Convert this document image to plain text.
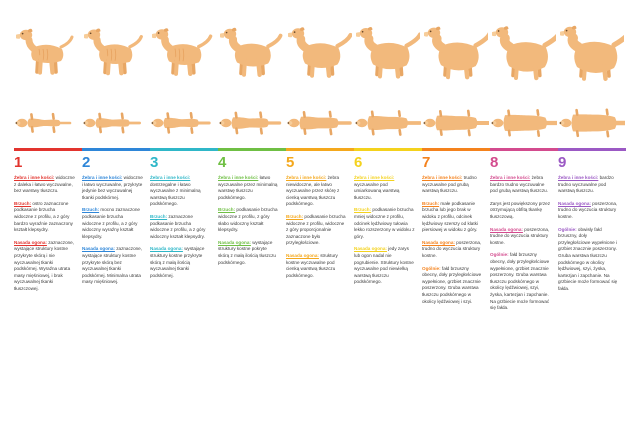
1

Żebra i inne kości: widoczne z daleka i łatwo wyczuwalne, bez warstwy tłuszczu.

Brzuch: ostro zaznaczone podkasanie brzucha widoczne z profilu, a z góry bardzo wyraźnie zaznaczony kształt klepsydry.

Nasada ogona: zaznaczone, wystające struktury kostne przykryte skórą i nie wyczuwalnej tkanki podskórnej. Wyraźna utrata masy mięśniowej, i brak wyczuwalnej tkanki tłuszczowej.

2

Żebra i inne kości: widoczne i łatwo wyczuwalne, przykryte jedynie bez wyczuwalnej tkanki podskórnej.

Brzuch: mocno zaznaczone podkasanie brzucha widoczne z profilu, a z góry widoczny wyraźny kształt klepsydry.

Nasada ogona: zaznaczone, wystające struktury kostne przykryte skórą bez wyczuwalnej tkanki podskórnej. Minimalna utrata masy mięśniowej.

3

Żebra i inne kości: dostrzegalne i łatwo wyczuwalne z minimalną warstwą tłuszczu podskórnego.

Brzuch: zaznaczone podkasanie brzucha widoczne z profilu, a z góry widoczny kształt klepsydry.

Nasada ogona: wystające struktury kostne przykryte skórą z małą ilością wyczuwalnej tkanki podskórnej.

4

Żebra i inne kości: łatwo wyczuwalne przez minimalną warstwę tłuszczu podskórnego.

Brzuch: podkasanie brzucha widoczne z profilu, z góry słabo widoczny kształt klepsydry.

Nasada ogona: wystające struktury kostne pokryte skórą z małą ilością tłuszczu podskórnego.

5

Żebra i inne kości: żebra niewidoczne, ale łatwo wyczuwalne przez skórę z cienką warstwą tłuszczu podskórnego.

Brzuch: podkasanie brzucha widoczne z profilu, widoczne z góry proporcjonalnie zaznaczone było przyległościowe.

Nasada ogona: struktury kostne wyczuwalne pod cienką warstwą tłuszczu podskórnego.

6

Żebra i inne kości: wyczuwalne pod umiarkowaną warstwą tłuszczu.

Brzuch: podkasanie brzucha mniej widoczne z profilu, odcinek lędźwiowy tułowia lekko rozszerzony w widoku z góry.

Nasada ogona: jedy zarys lub ogon nadal nie pogrubienie. Struktury kostne wyczuwalne pod niewielką warstwą tłuszczu podskórnego.

7

Żebra i inne kości: trudno wyczuwalne pod grubą warstwą tłuszczu.

Brzuch: małe podkasanie brzucha lub jego brak w widoku z profilu, odcinek lędźwiowy szerszy od klatki piersiowej w widoku z góry.

Nasada ogona: poszerzona, trudno do wyczucia struktury kostne.

Ogólnie: fałd brzuszny obecny, doły przyległościowe wypełnione, grzbiet znacznie poszerzony. Gruba warstwa tłuszczu podskórnego w okolicy lędźwiowej i szyi.

8

Żebra i inne kości: żebra bardzo trudno wyczuwalne pod grubą warstwą tłuszczu.

Zarys jest powiększony przez otrzymującą obfitą tkankę tłuszczową.

Nasada ogona: poszerzona, trudne do wyczucia struktury kostne.

Ogólnie: fałd brzuszny obecny, doły przyległościowe wypełnione, grzbiet znacznie poszerzony. Gruba warstwa tłuszczu podskórnego w okolicy lędźwiowej, szyi, żyska, kartezjan i zapchanie. Na grzbiecie może formować się fałda.

9

Żebra i inne kości: bardzo trudno wyczuwalne pod warstwą tłuszczu.

Nasada ogona: poszerzona, trudno do wyczucia struktury kostne.

Ogólnie: obwisły fałd brzuszny, doły przyległościowe wypełnione i grzbiet znacznie poszerzony. Gruba warstwa tłuszczu podskórnego w okolicy lędźwiowej, szyi, żyska, kartezjan i zapchanie. Na grzbiecie może formować się fałda.
